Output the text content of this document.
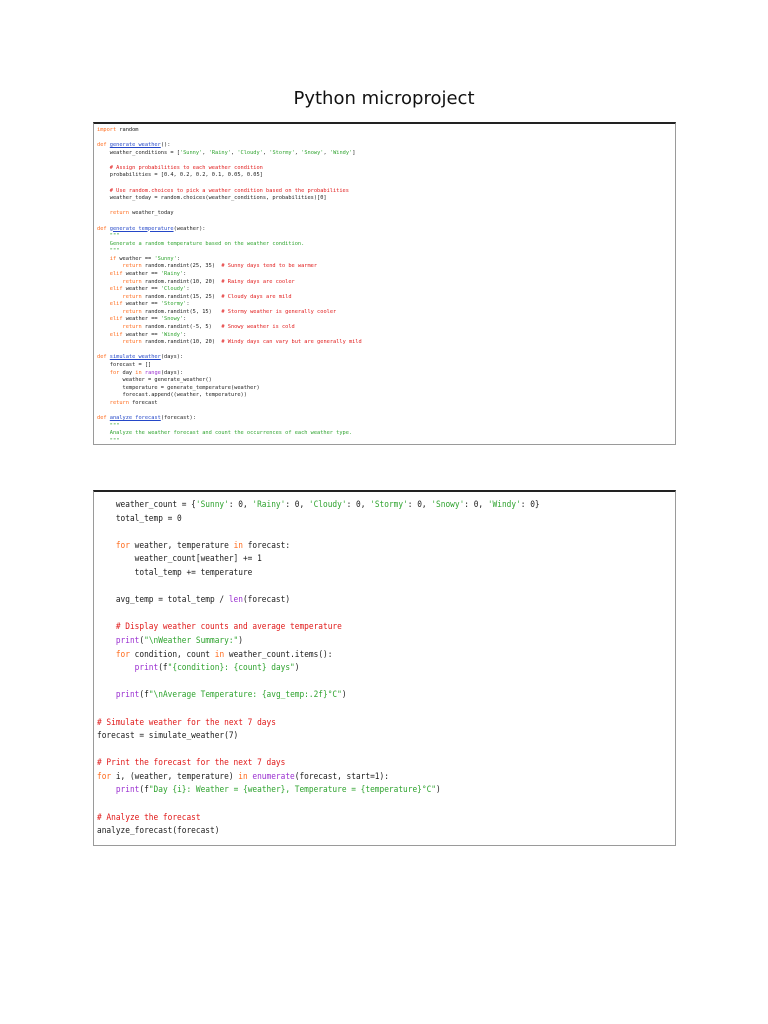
Python microproject
import random
def generate_weather():
weather_conditions = ['Sunny', 'Rainy', 'Cloudy', 'Stormy', 'Snowy', 'Windy']
# Assign probabilities to each weather condition
probabilities = [0.4, 0.2, 0.2, 0.1, 0.05, 0.05]
# Use random.choices to pick a weather condition based on the probabilities
weather_today = random.choices(weather_conditions, probabilities)[0]
return weather_today
def generate_temperature(weather):
"""
Generate a random temperature based on the weather condition.
"""
if weather == 'Sunny':
return random.randint(25, 35)  # Sunny days tend to be warmer
elif weather == 'Rainy':
return random.randint(10, 20)  # Rainy days are cooler
elif weather == 'Cloudy':
return random.randint(15, 25)  # Cloudy days are mild
elif weather == 'Stormy':
return random.randint(5, 15)   # Stormy weather is generally cooler
elif weather == 'Snowy':
return random.randint(-5, 5)   # Snowy weather is cold
elif weather == 'Windy':
return random.randint(10, 20)  # Windy days can vary but are generally mild
def simulate_weather(days):
forecast = []
for day in range(days):
weather = generate_weather()
temperature = generate_temperature(weather)
forecast.append((weather, temperature))
return forecast
def analyze_forecast(forecast):
"""
Analyze the weather forecast and count the occurrences of each weather type.
"""
weather_count = {'Sunny': 0, 'Rainy': 0, 'Cloudy': 0, 'Stormy': 0, 'Snowy': 0, 'Windy': 0}
total_temp = 0
for weather, temperature in forecast:
weather_count[weather] += 1
total_temp += temperature
avg_temp = total_temp / len(forecast)
# Display weather counts and average temperature
print("\nWeather Summary:")
for condition, count in weather_count.items():
print(f"{condition}: {count} days")
print(f"\nAverage Temperature: {avg_temp:.2f}°C")
# Simulate weather for the next 7 days
forecast = simulate_weather(7)
# Print the forecast for the next 7 days
for i, (weather, temperature) in enumerate(forecast, start=1):
print(f"Day {i}: Weather = {weather}, Temperature = {temperature}°C")
# Analyze the forecast
analyze_forecast(forecast)
